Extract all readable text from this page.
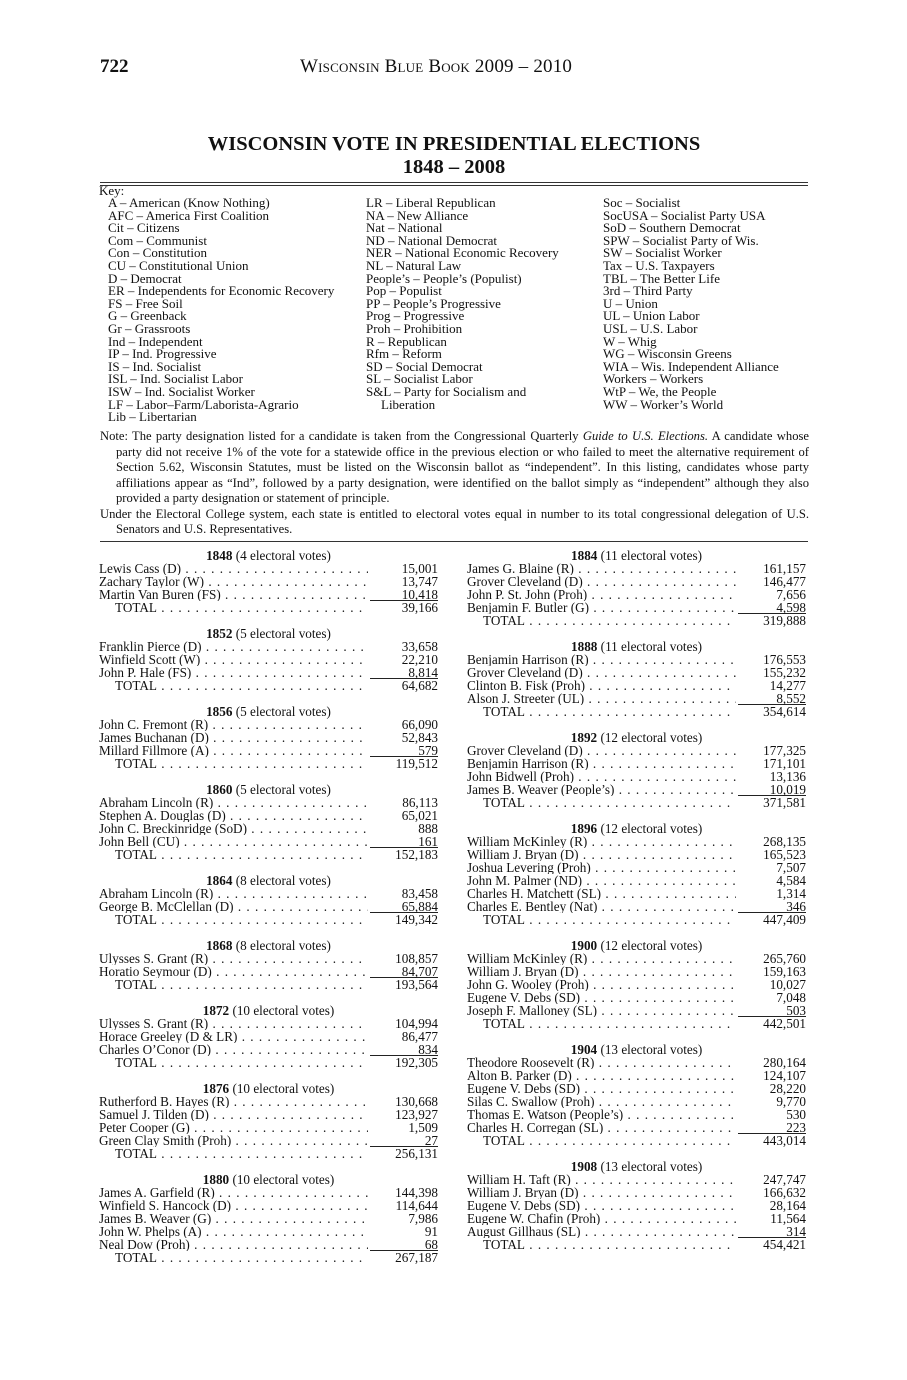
722	Wisconsin Blue Book 2009 – 2010
WISCONSIN VOTE IN PRESIDENTIAL ELECTIONS
1848 – 2008
Key:
A – American (Know Nothing)
AFC – America First Coalition
Cit – Citizens
Com – Communist
Con – Constitution
CU – Constitutional Union
D – Democrat
ER – Independents for Economic Recovery
FS – Free Soil
G – Greenback
Gr – Grassroots
Ind – Independent
IP – Ind. Progressive
IS – Ind. Socialist
ISL – Ind. Socialist Labor
ISW – Ind. Socialist Worker
LF – Labor–Farm/Laborista-Agrario
Lib – Libertarian
LR – Liberal Republican
NA – New Alliance
Nat – National
ND – National Democrat
NER – National Economic Recovery
NL – Natural Law
People’s – People’s (Populist)
Pop – Populist
PP – People’s Progressive
Prog – Progressive
Proh – Prohibition
R – Republican
Rfm – Reform
SD – Social Democrat
SL – Socialist Labor
S&L – Party for Socialism and
Liberation
Soc – Socialist
SocUSA – Socialist Party USA
SoD – Southern Democrat
SPW – Socialist Party of Wis.
SW – Socialist Worker
Tax – U.S. Taxpayers
TBL – The Better Life
3rd – Third Party
U – Union
UL – Union Labor
USL – U.S. Labor
W – Whig
WG – Wisconsin Greens
WIA – Wis. Independent Alliance
Workers – Workers
WtP – We, the People
WW – Worker’s World

Note: The party designation listed for a candidate is taken from the Congressional Quarterly Guide to U.S. Elections. A candidate whose party did not receive 1% of the vote for a statewide office in the previous election or who failed to meet the alternative requirement of Section 5.62, Wisconsin Statutes, must be listed on the Wisconsin ballot as “independent”. In this listing, candidates whose party affiliations appear as “Ind”, followed by a party designation, were identified on the ballot simply as “independent” although they also provided a party designation or statement of principle.

Under the Electoral College system, each state is entitled to electoral votes equal in number to its total congressional delegation of U.S. Senators and U.S. Representatives.

1848 (4 electoral votes)
Lewis Cass (D) . . .	15,001
Zachary Taylor (W) . . .	13,747
Martin Van Buren (FS) . . .	10,418
TOTAL . . .	39,166
1852 (5 electoral votes)
Franklin Pierce (D) . . .	33,658
Winfield Scott (W) . . .	22,210
John P. Hale (FS) . . .	8,814
TOTAL . . .	64,682
1856 (5 electoral votes)
John C. Fremont (R) . . .	66,090
James Buchanan (D) . . .	52,843
Millard Fillmore (A) . . .	579
TOTAL . . .	119,512
1860 (5 electoral votes)
Abraham Lincoln (R) . . .	86,113
Stephen A. Douglas (D) . . .	65,021
John C. Breckinridge (SoD) . . .	888
John Bell (CU) . . .	161
TOTAL . . .	152,183
1864 (8 electoral votes)
Abraham Lincoln (R) . . .	83,458
George B. McClellan (D) . . .	65,884
TOTAL . . .	149,342
1868 (8 electoral votes)
Ulysses S. Grant (R) . . .	108,857
Horatio Seymour (D) . . .	84,707
TOTAL . . .	193,564
1872 (10 electoral votes)
Ulysses S. Grant (R) . . .	104,994
Horace Greeley (D & LR) . . .	86,477
Charles O’Conor (D) . . .	834
TOTAL . . .	192,305
1876 (10 electoral votes)
Rutherford B. Hayes (R) . . .	130,668
Samuel J. Tilden (D) . . .	123,927
Peter Cooper (G) . . .	1,509
Green Clay Smith (Proh) . . .	27
TOTAL . . .	256,131
1880 (10 electoral votes)
James A. Garfield (R) . . .	144,398
Winfield S. Hancock (D) . . .	114,644
James B. Weaver (G) . . .	7,986
John W. Phelps (A) . . .	91
Neal Dow (Proh) . . .	68
TOTAL . . .	267,187
1884 (11 electoral votes)
James G. Blaine (R) . . .	161,157
Grover Cleveland (D) . . .	146,477
John P. St. John (Proh) . . .	7,656
Benjamin F. Butler (G) . . .	4,598
TOTAL . . .	319,888
1888 (11 electoral votes)
Benjamin Harrison (R) . . .	176,553
Grover Cleveland (D) . . .	155,232
Clinton B. Fisk (Proh) . . .	14,277
Alson J. Streeter (UL) . . .	8,552
TOTAL . . .	354,614
1892 (12 electoral votes)
Grover Cleveland (D) . . .	177,325
Benjamin Harrison (R) . . .	171,101
John Bidwell (Proh) . . .	13,136
James B. Weaver (People’s) . . .	10,019
TOTAL . . .	371,581
1896 (12 electoral votes)
William McKinley (R) . . .	268,135
William J. Bryan (D) . . .	165,523
Joshua Levering (Proh) . . .	7,507
John M. Palmer (ND) . . .	4,584
Charles H. Matchett (SL) . . .	1,314
Charles E. Bentley (Nat) . . .	346
TOTAL . . .	447,409
1900 (12 electoral votes)
William McKinley (R) . . .	265,760
William J. Bryan (D) . . .	159,163
John G. Wooley (Proh) . . .	10,027
Eugene V. Debs (SD) . . .	7,048
Joseph F. Malloney (SL) . . .	503
TOTAL . . .	442,501
1904 (13 electoral votes)
Theodore Roosevelt (R) . . .	280,164
Alton B. Parker (D) . . .	124,107
Eugene V. Debs (SD) . . .	28,220
Silas C. Swallow (Proh) . . .	9,770
Thomas E. Watson (People’s) . . .	530
Charles H. Corregan (SL) . . .	223
TOTAL . . .	443,014
1908 (13 electoral votes)
William H. Taft (R) . . .	247,747
William J. Bryan (D) . . .	166,632
Eugene V. Debs (SD) . . .	28,164
Eugene W. Chafin (Proh) . . .	11,564
August Gillhaus (SL) . . .	314
TOTAL . . .	454,421
